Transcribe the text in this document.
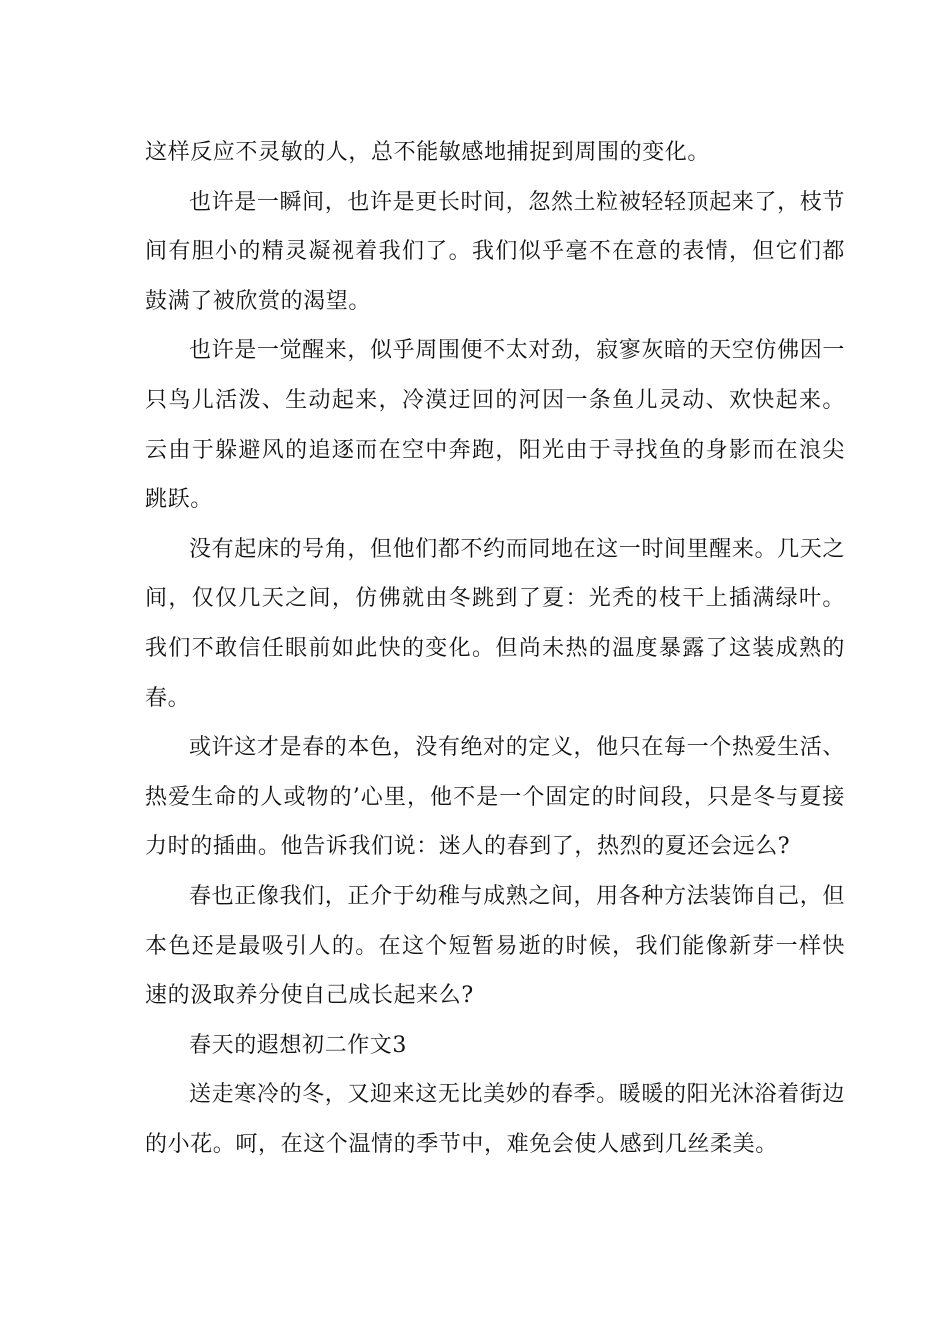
这样反应不灵敏的人，总不能敏感地捕捉到周围的变化。

也许是一瞬间，也许是更长时间，忽然土粒被轻轻顶起来了，枝节间有胆小的精灵凝视着我们了。我们似乎毫不在意的表情，但它们都鼓满了被欣赏的渴望。

也许是一觉醒来，似乎周围便不太对劲，寂寥灰暗的天空仿佛因一只鸟儿活泼、生动起来，冷漠迂回的河因一条鱼儿灵动、欢快起来。云由于躲避风的追逐而在空中奔跑，阳光由于寻找鱼的身影而在浪尖跳跃。

没有起床的号角，但他们都不约而同地在这一时间里醒来。几天之间，仅仅几天之间，仿佛就由冬跳到了夏：光秃的枝干上插满绿叶。我们不敢信任眼前如此快的变化。但尚未热的温度暴露了这装成熟的春。

或许这才是春的本色，没有绝对的定义，他只在每一个热爱生活、热爱生命的人或物的’心里，他不是一个固定的时间段，只是冬与夏接力时的插曲。他告诉我们说：迷人的春到了，热烈的夏还会远么?

春也正像我们，正介于幼稚与成熟之间，用各种方法装饰自己，但本色还是最吸引人的。在这个短暂易逝的时候，我们能像新芽一样快速的汲取养分使自己成长起来么?

春天的遐想初二作文3

送走寒冷的冬，又迎来这无比美妙的春季。暖暖的阳光沐浴着街边的小花。呵，在这个温情的季节中，难免会使人感到几丝柔美。
